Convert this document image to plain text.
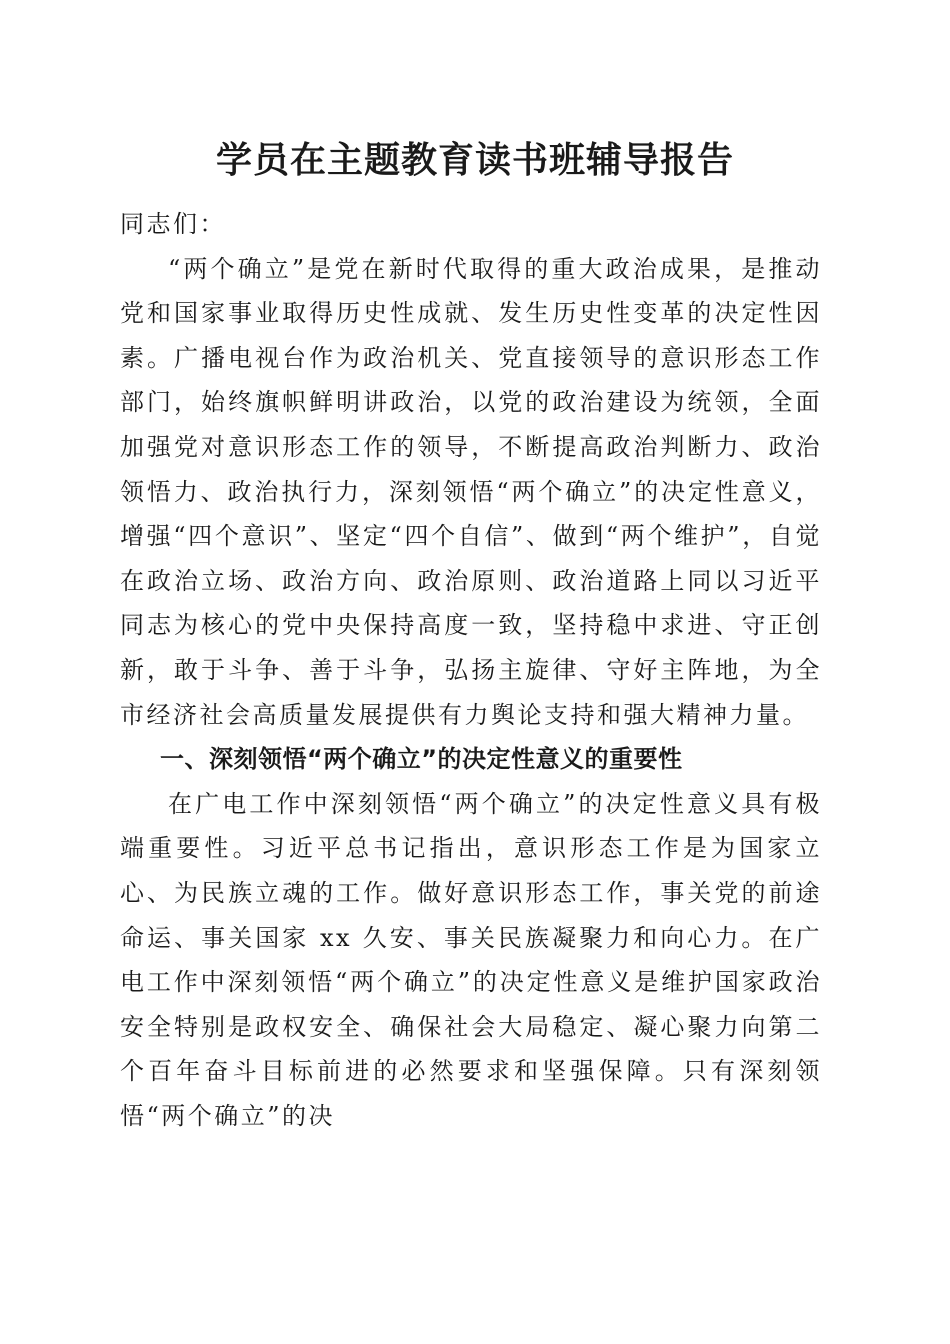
学员在主题教育读书班辅导报告

同志们：

“两个确立”是党在新时代取得的重大政治成果，是推动党和国家事业取得历史性成就、发生历史性变革的决定性因素。广播电视台作为政治机关、党直接领导的意识形态工作部门，始终旗帜鲜明讲政治，以党的政治建设为统领，全面加强党对意识形态工作的领导，不断提高政治判断力、政治领悟力、政治执行力，深刻领悟“两个确立”的决定性意义，增强“四个意识”、坚定“四个自信”、做到“两个维护”，自觉在政治立场、政治方向、政治原则、政治道路上同以习近平同志为核心的党中央保持高度一致，坚持稳中求进、守正创新，敢于斗争、善于斗争，弘扬主旋律、守好主阵地，为全市经济社会高质量发展提供有力舆论支持和强大精神力量。

一、深刻领悟“两个确立”的决定性意义的重要性

在广电工作中深刻领悟“两个确立”的决定性意义具有极端重要性。习近平总书记指出，意识形态工作是为国家立心、为民族立魂的工作。做好意识形态工作，事关党的前途命运、事关国家 xx 久安、事关民族凝聚力和向心力。在广电工作中深刻领悟“两个确立”的决定性意义是维护国家政治安全特别是政权安全、确保社会大局稳定、凝心聚力向第二个百年奋斗目标前进的必然要求和坚强保障。只有深刻领悟“两个确立”的决
